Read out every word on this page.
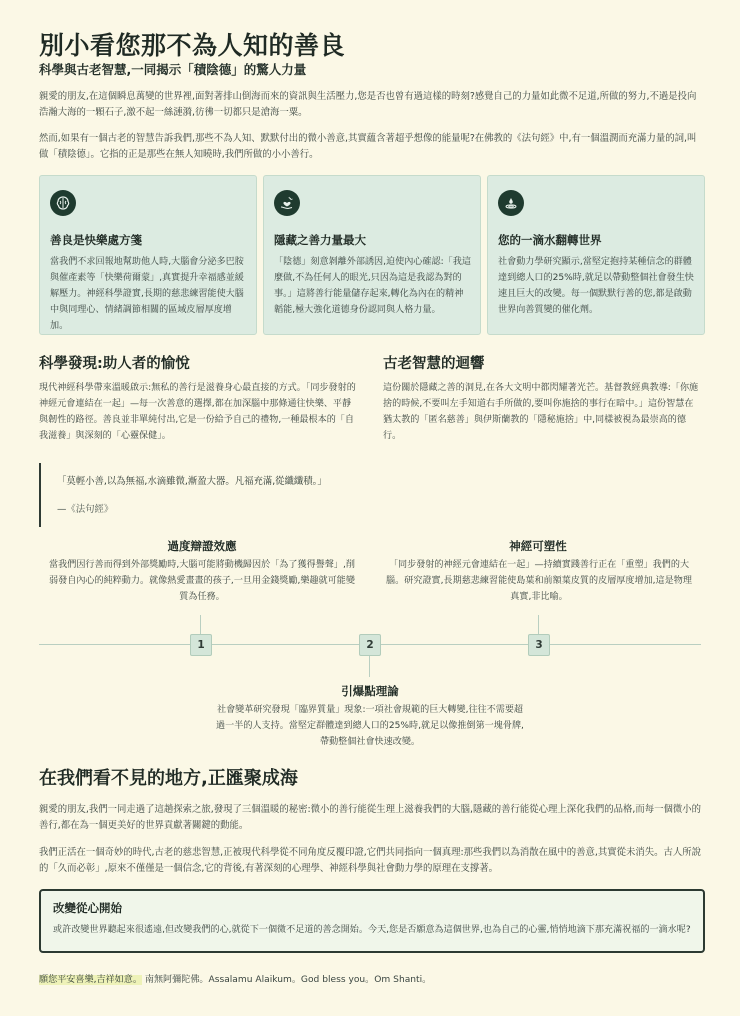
別小看您那不為人知的善良
科學與古老智慧,一同揭示「積陰德」的驚人力量

親愛的朋友,在這個瞬息萬變的世界裡,面對著排山倒海而來的資訊與生活壓力,您是否也曾有過這樣的時刻?感覺自己的力量如此微不足道,所做的努力,不過是投向浩瀚大海的一顆石子,激不起一絲漣漪,彷彿一切都只是滄海一粟。

然而,如果有一個古老的智慧告訴我們,那些不為人知、默默付出的微小善意,其實蘊含著超乎想像的能量呢?在佛教的《法句經》中,有一個溫潤而充滿力量的詞,叫做「積陰德」。它指的正是那些在無人知曉時,我們所做的小小善行。

善良是快樂處方箋
當我們不求回報地幫助他人時,大腦會分泌多巴胺與催產素等「快樂荷爾蒙」,真實提升幸福感並緩解壓力。神經科學證實,長期的慈悲練習能使大腦中與同理心、情緒調節相關的區域皮層厚度增加。
隱藏之善力量最大
「陰德」刻意剝離外部誘因,迫使內心確認:「我這麼做,不為任何人的眼光,只因為這是我認為對的事。」這將善行能量儲存起來,轉化為內在的精神韜能,極大強化道德身份認同與人格力量。
您的一滴水翻轉世界
社會動力學研究顯示,當堅定抱持某種信念的群體達到總人口的25%時,就足以帶動整個社會發生快速且巨大的改變。每一個默默行善的您,都是啟動世界向善質變的催化劑。
科學發現:助人者的愉悅

現代神經科學帶來溫暖啟示:無私的善行是滋養身心最直接的方式。「同步發射的神經元會連結在一起」—每一次善意的選擇,都在加深腦中那條通往快樂、平靜與韌性的路徑。善良並非單純付出,它是一份給予自己的禮物,一種最根本的「自我滋養」與深刻的「心靈保健」。

古老智慧的迴響

這份關於隱藏之善的洞見,在各大文明中都閃耀著光芒。基督教經典教導:「你施捨的時候,不要叫左手知道右手所做的,要叫你施捨的事行在暗中。」這份智慧在猶太教的「匿名慈善」與伊斯蘭教的「隱秘施捨」中,同樣被視為最崇高的德行。

「莫輕小善,以為無福,水滴雖微,漸盈大器。凡福充滿,從纖纖積。」

—《法句經》

過度辯證效應

當我們因行善而得到外部獎勵時,大腦可能將動機歸因於「為了獲得譽聲」,削弱發自內心的純粹動力。就像熱愛畫畫的孩子,一旦用金錢獎勵,樂趣就可能變質為任務。

神經可塑性

「同步發射的神經元會連結在一起」—持續實踐善行正在「重塑」我們的大腦。研究證實,長期慈悲練習能使島葉和前額葉皮質的皮層厚度增加,這是物理真實,非比喻。

1	2	3
引爆點理論

社會變革研究發現「臨界質量」現象:一項社會規範的巨大轉變,往往不需要超過一半的人支持。當堅定群體達到總人口的25%時,就足以像推倒第一塊骨牌,帶動整個社會快速改變。

在我們看不見的地方,正匯聚成海

親愛的朋友,我們一同走過了這趟探索之旅,發現了三個溫暖的秘密:微小的善行能從生理上滋養我們的大腦,隱藏的善行能從心理上深化我們的品格,而每一個微小的善行,都在為一個更美好的世界貢獻著關鍵的動能。

我們正活在一個奇妙的時代,古老的慈悲智慧,正被現代科學從不同角度反覆印證,它們共同指向一個真理:那些我們以為消散在風中的善意,其實從未消失。古人所說的「久而必彰」,原來不僅僅是一個信念,它的背後,有著深刻的心理學、神經科學與社會動力學的原理在支撐著。

改變從心開始

或許改變世界聽起來很遙遠,但改變我們的心,就從下一個微不足道的善念開始。今天,您是否願意為這個世界,也為自己的心靈,悄悄地滴下那充滿祝福的一滴水呢?

願您平安喜樂,吉祥如意。 南無阿彌陀佛。Assalamu Alaikum。God bless you。Om Shanti。
